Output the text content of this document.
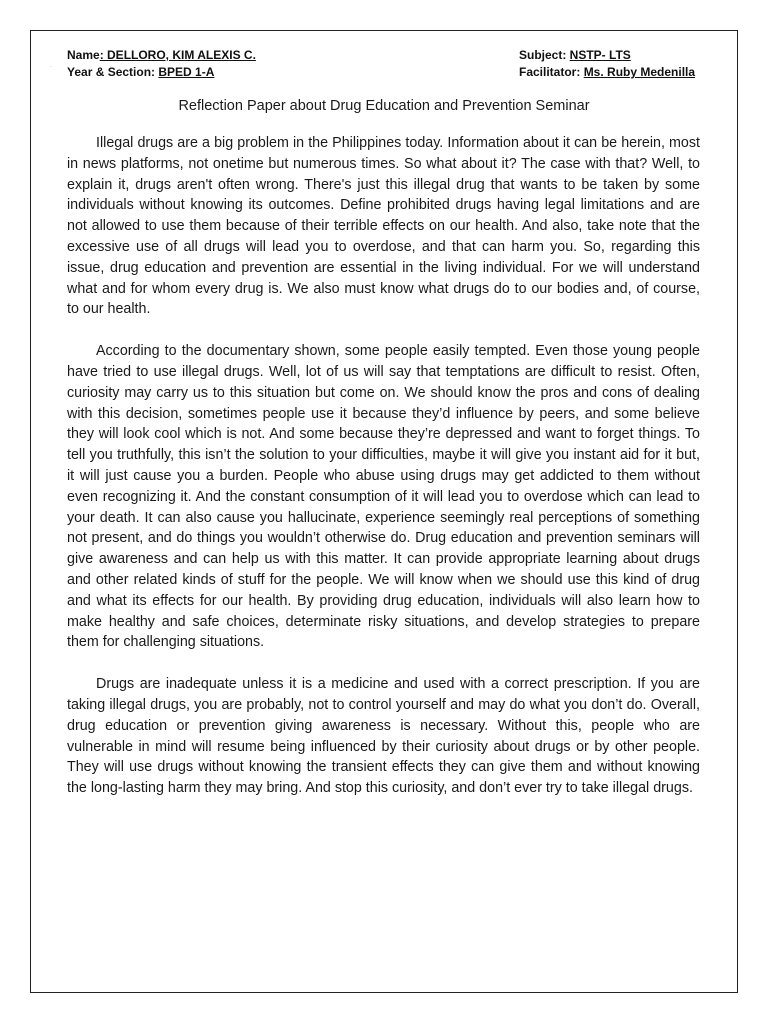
·
Name: DELLORO, KIM ALEXIS C.	Subject: NSTP- LTS
Year & Section: BPED 1-A	Facilitator: Ms. Ruby Medenilla
Reflection Paper about Drug Education and Prevention Seminar

Illegal drugs are a big problem in the Philippines today. Information about it can be herein, most in news platforms, not onetime but numerous times. So what about it? The case with that? Well, to explain it, drugs aren't often wrong. There's just this illegal drug that wants to be taken by some individuals without knowing its outcomes. Define prohibited drugs having legal limitations and are not allowed to use them because of their terrible effects on our health. And also, take note that the excessive use of all drugs will lead you to overdose, and that can harm you. So, regarding this issue, drug education and prevention are essential in the living individual. For we will understand what and for whom every drug is. We also must know what drugs do to our bodies and, of course, to our health.

According to the documentary shown, some people easily tempted. Even those young people have tried to use illegal drugs. Well, lot of us will say that temptations are difficult to resist. Often, curiosity may carry us to this situation but come on. We should know the pros and cons of dealing with this decision, sometimes people use it because they’d influence by peers, and some believe they will look cool which is not. And some because they’re depressed and want to forget things. To tell you truthfully, this isn’t the solution to your difficulties, maybe it will give you instant aid for it but, it will just cause you a burden. People who abuse using drugs may get addicted to them without even recognizing it. And the constant consumption of it will lead you to overdose which can lead to your death. It can also cause you hallucinate, experience seemingly real perceptions of something not present, and do things you wouldn’t otherwise do. Drug education and prevention seminars will give awareness and can help us with this matter. It can provide appropriate learning about drugs and other related kinds of stuff for the people. We will know when we should use this kind of drug and what its effects for our health. By providing drug education, individuals will also learn how to make healthy and safe choices, determinate risky situations, and develop strategies to prepare them for challenging situations.

Drugs are inadequate unless it is a medicine and used with a correct prescription. If you are taking illegal drugs, you are probably, not to control yourself and may do what you don’t do. Overall, drug education or prevention giving awareness is necessary. Without this, people who are vulnerable in mind will resume being influenced by their curiosity about drugs or by other people. They will use drugs without knowing the transient effects they can give them and without knowing the long-lasting harm they may bring. And stop this curiosity, and don’t ever try to take illegal drugs.
